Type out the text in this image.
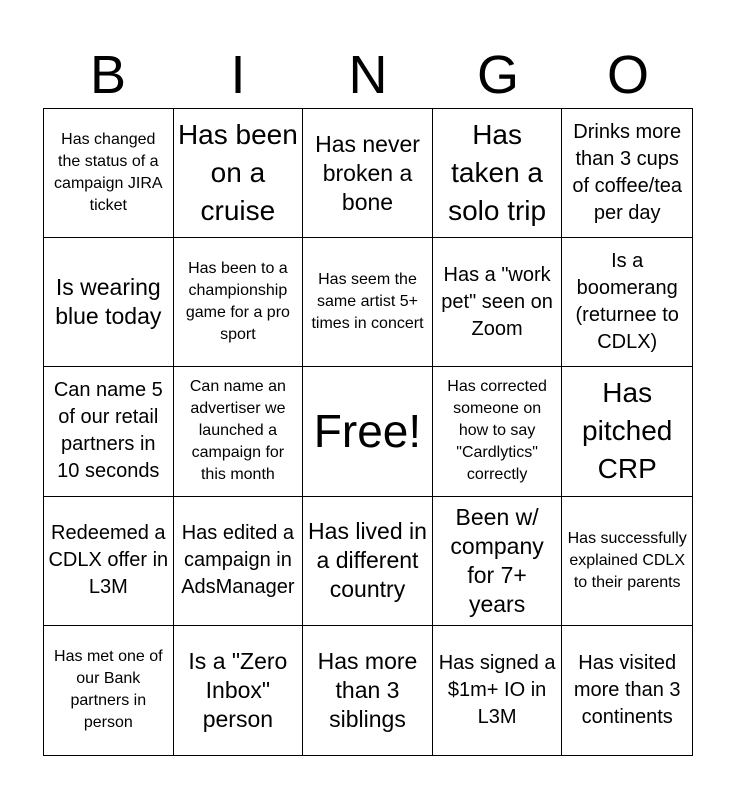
B	I	N	G	O
Has changed the status of a campaign JIRA ticket
Has been on a cruise
Has never broken a bone
Has taken a solo trip
Drinks more than 3 cups of coffee/tea per day
Is wearing blue today
Has been to a championship game for a pro sport
Has seem the same artist 5+ times in concert
Has a "work pet" seen on Zoom
Is a boomerang (returnee to CDLX)
Can name 5 of our retail partners in 10 seconds
Can name an advertiser we launched a campaign for this month
Free!
Has corrected someone on how to say "Cardlytics" correctly
Has pitched CRP
Redeemed a CDLX offer in L3M
Has edited a campaign in AdsManager
Has lived in a different country
Been w/ company for 7+ years
Has successfully explained CDLX to their parents
Has met one of our Bank partners in person
Is a "Zero Inbox" person
Has more than 3 siblings
Has signed a $1m+ IO in L3M
Has visited more than 3 continents
